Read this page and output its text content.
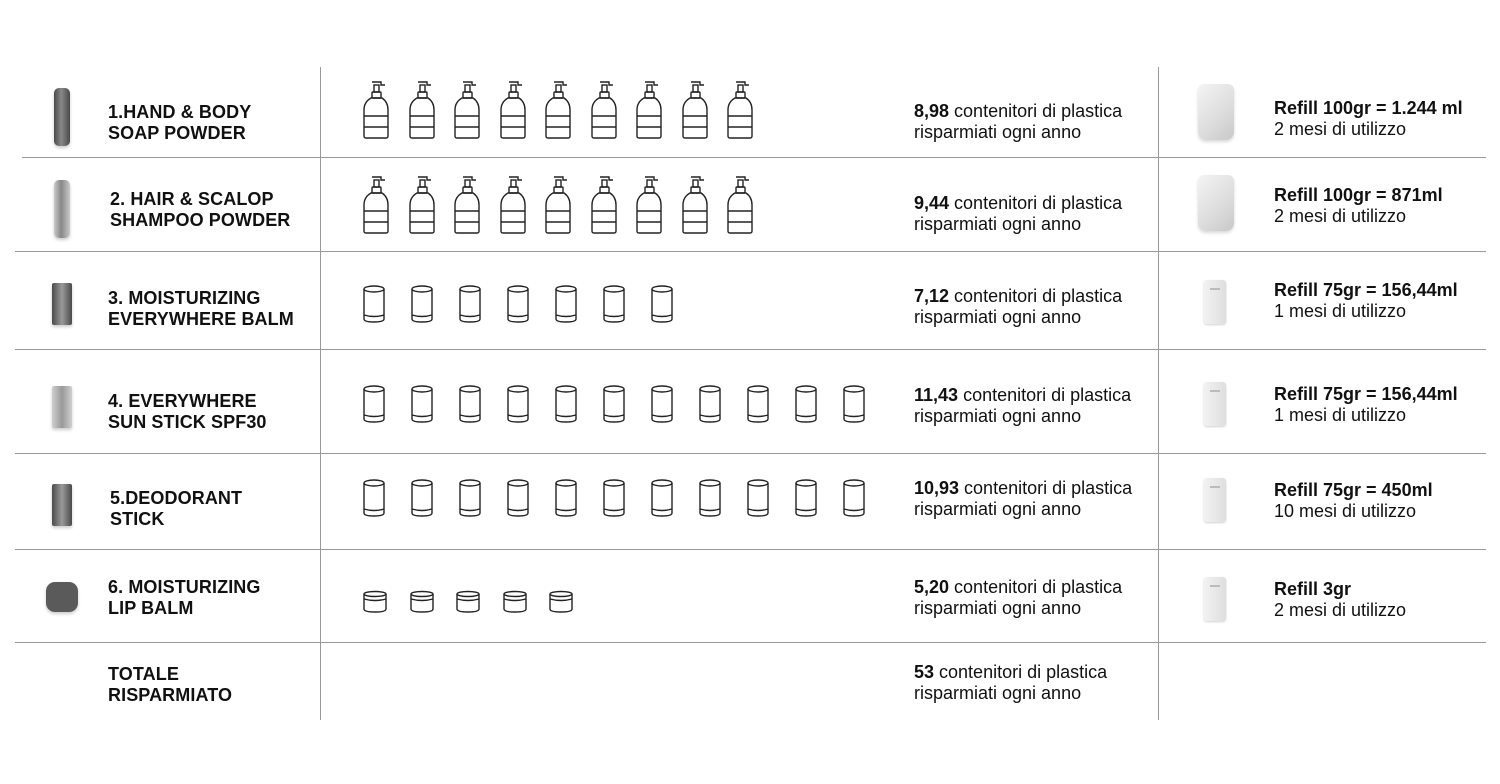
1.HAND & BODY
SOAP POWDER
8,98 contenitori di plastica
risparmiati ogni anno
Refill 100gr = 1.244 ml
2 mesi di utilizzo
2. HAIR & SCALOP
SHAMPOO POWDER
9,44 contenitori di plastica
risparmiati ogni anno
Refill 100gr = 871ml
2 mesi di utilizzo
3. MOISTURIZING
EVERYWHERE BALM
7,12 contenitori di plastica
risparmiati ogni anno
Refill 75gr = 156,44ml
1 mesi di utilizzo
4. EVERYWHERE
SUN STICK SPF30
11,43 contenitori di plastica
risparmiati ogni anno
Refill 75gr = 156,44ml
1 mesi di utilizzo
5.DEODORANT
STICK
10,93 contenitori di plastica
risparmiati ogni anno
Refill 75gr = 450ml
10 mesi di utilizzo
6. MOISTURIZING
LIP BALM
5,20 contenitori di plastica
risparmiati ogni anno
Refill 3gr
2 mesi di utilizzo
TOTALE
RISPARMIATO
53 contenitori di plastica
risparmiati ogni anno
